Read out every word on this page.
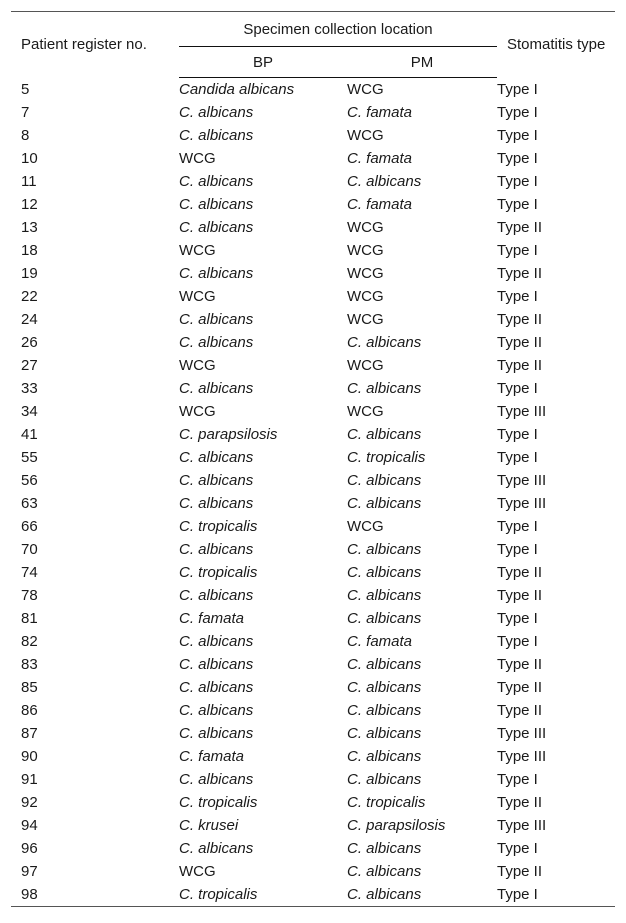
Patient register no.	Specimen collection location		Stomatitis type
	BP	PM	
5	Candida albicans	WCG	Type I
7	C. albicans	C. famata	Type I
8	C. albicans	WCG	Type I
10	WCG	C. famata	Type I
11	C. albicans	C. albicans	Type I
12	C. albicans	C. famata	Type I
13	C. albicans	WCG	Type II
18	WCG	WCG	Type I
19	C. albicans	WCG	Type II
22	WCG	WCG	Type I
24	C. albicans	WCG	Type II
26	C. albicans	C. albicans	Type II
27	WCG	WCG	Type II
33	C. albicans	C. albicans	Type I
34	WCG	WCG	Type III
41	C. parapsilosis	C. albicans	Type I
55	C. albicans	C. tropicalis	Type I
56	C. albicans	C. albicans	Type III
63	C. albicans	C. albicans	Type III
66	C. tropicalis	WCG	Type I
70	C. albicans	C. albicans	Type I
74	C. tropicalis	C. albicans	Type II
78	C. albicans	C. albicans	Type II
81	C. famata	C. albicans	Type I
82	C. albicans	C. famata	Type I
83	C. albicans	C. albicans	Type II
85	C. albicans	C. albicans	Type II
86	C. albicans	C. albicans	Type II
87	C. albicans	C. albicans	Type III
90	C. famata	C. albicans	Type III
91	C. albicans	C. albicans	Type I
92	C. tropicalis	C. tropicalis	Type II
94	C. krusei	C. parapsilosis	Type III
96	C. albicans	C. albicans	Type I
97	WCG	C. albicans	Type II
98	C. tropicalis	C. albicans	Type I
